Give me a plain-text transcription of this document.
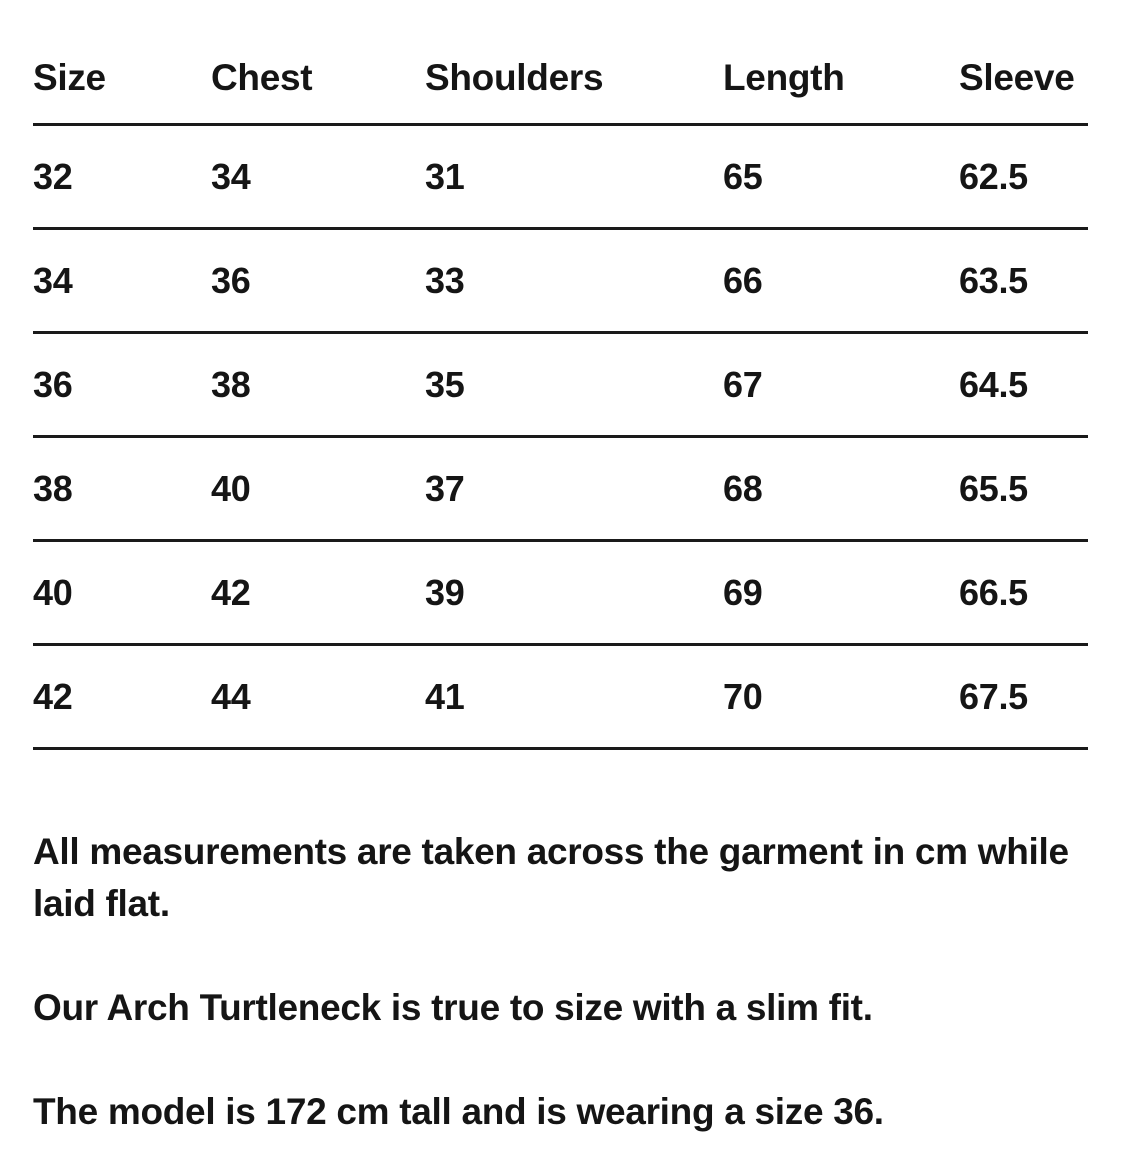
Size	Chest	Shoulders	Length	Sleeve
32	34	31	65	62.5
34	36	33	66	63.5
36	38	35	67	64.5
38	40	37	68	65.5
40	42	39	69	66.5
42	44	41	70	67.5

All measurements are taken across the garment in cm while laid flat.

Our Arch Turtleneck is true to size with a slim fit.

The model is 172 cm tall and is wearing a size 36.
